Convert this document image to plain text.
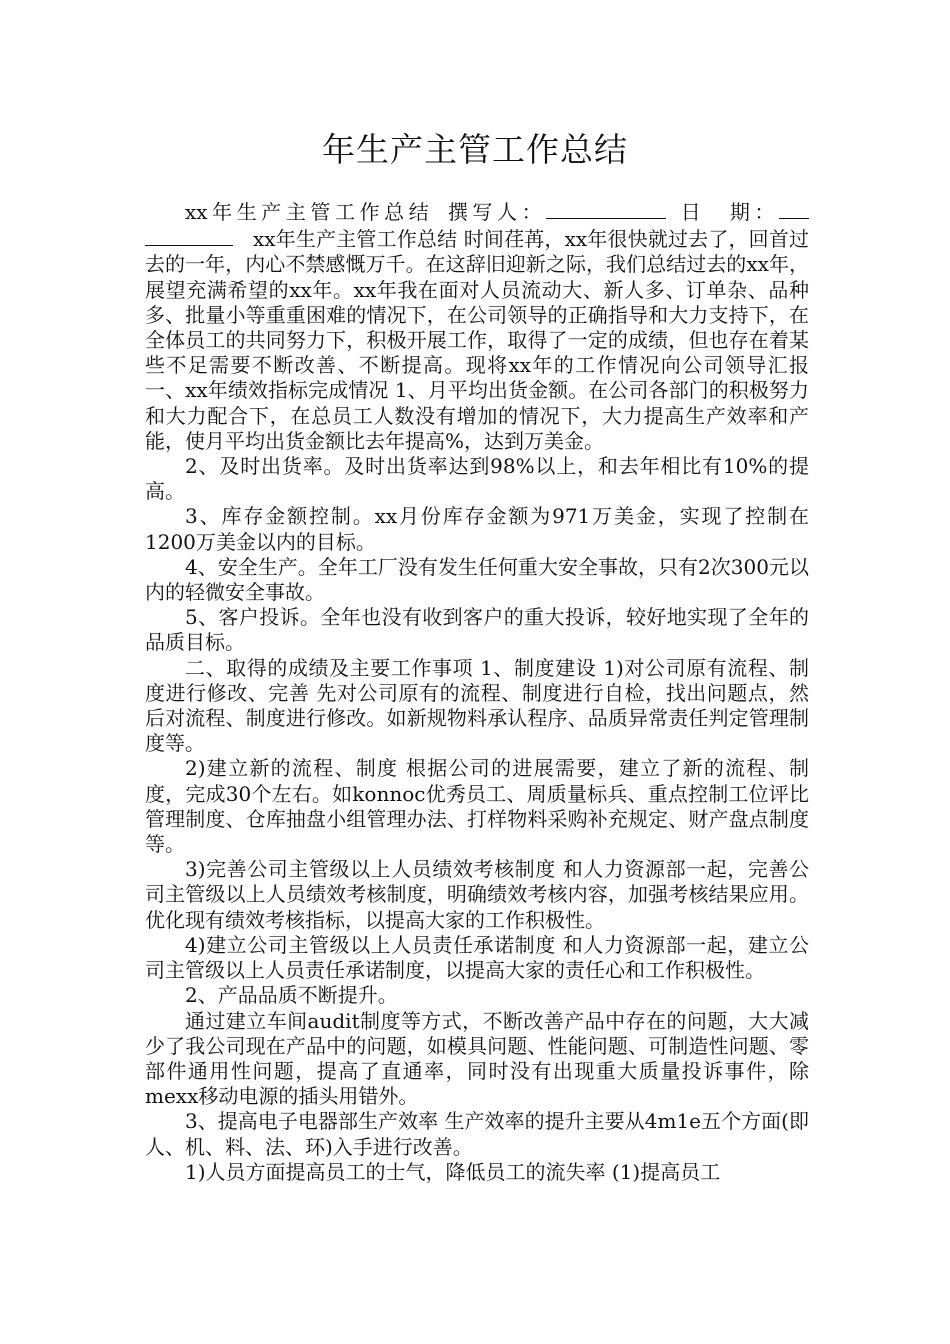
年生产主管工作总结

xx年生产主管工作总结 撰写人：	日　期： xx年生产主管工作总结 时间荏苒，xx年很快就过去了，回首过去的一年，内心不禁感慨万千。在这辞旧迎新之际，我们总结过去的xx年，展望充满希望的xx年。xx年我在面对人员流动大、新人多、订单杂、品种多、批量小等重重困难的情况下，在公司领导的正确指导和大力支持下，在全体员工的共同努力下，积极开展工作，取得了一定的成绩，但也存在着某些不足需要不断改善、不断提高。现将xx年的工作情况向公司领导汇报 一、xx年绩效指标完成情况 1、月平均出货金额。在公司各部门的积极努力和大力配合下，在总员工人数没有增加的情况下，大力提高生产效率和产能，使月平均出货金额比去年提高%，达到万美金。

2、及时出货率。及时出货率达到98%以上，和去年相比有10%的提高。

3、库存金额控制。xx月份库存金额为971万美金，实现了控制在1200万美金以内的目标。

4、安全生产。全年工厂没有发生任何重大安全事故，只有2次300元以内的轻微安全事故。

5、客户投诉。全年也没有收到客户的重大投诉，较好地实现了全年的品质目标。

二、取得的成绩及主要工作事项 1、制度建设 1)对公司原有流程、制度进行修改、完善 先对公司原有的流程、制度进行自检，找出问题点，然后对流程、制度进行修改。如新规物料承认程序、品质异常责任判定管理制度等。

2)建立新的流程、制度 根据公司的进展需要，建立了新的流程、制度，完成30个左右。如konnoc优秀员工、周质量标兵、重点控制工位评比管理制度、仓库抽盘小组管理办法、打样物料采购补充规定、财产盘点制度等。

3)完善公司主管级以上人员绩效考核制度 和人力资源部一起，完善公司主管级以上人员绩效考核制度，明确绩效考核内容，加强考核结果应用。优化现有绩效考核指标，以提高大家的工作积极性。

4)建立公司主管级以上人员责任承诺制度 和人力资源部一起，建立公司主管级以上人员责任承诺制度，以提高大家的责任心和工作积极性。

2、产品品质不断提升。

通过建立车间audit制度等方式，不断改善产品中存在的问题，大大减少了我公司现在产品中的问题，如模具问题、性能问题、可制造性问题、零部件通用性问题，提高了直通率，同时没有出现重大质量投诉事件，除mexx移动电源的插头用错外。

3、提高电子电器部生产效率 生产效率的提升主要从4m1e五个方面(即人、机、料、法、环)入手进行改善。

1)人员方面提高员工的士气，降低员工的流失率 (1)提高员工
